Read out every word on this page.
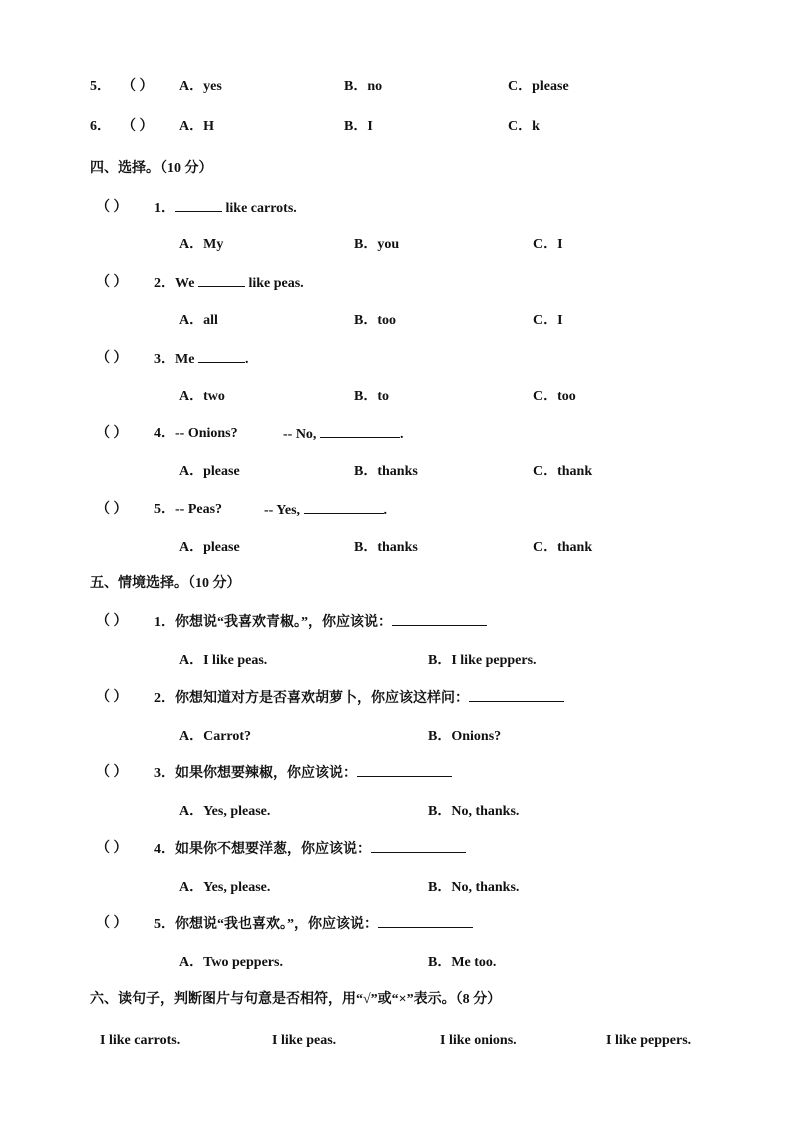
5． （ ） A．yes	B．no	C．please
6． （ ） A．H	B．I	C．k
四、选择。（10 分）
（ ） 1．	like carrots.
A．My	B．you	C．I
（ ） 2．We	like peas.
A．all	B．too	C．I
（ ） 3．Me	.
A．two	B．to	C．too
（ ） 4．-- Onions?	-- No,	.
A．please	B．thanks	C．thank
（ ） 5．-- Peas?	-- Yes,	.
A．please	B．thanks	C．thank
五、情境选择。（10 分）
（ ） 1．你想说“我喜欢青椒。”，你应该说：
A．I like peas.	B．I like peppers.
（ ） 2．你想知道对方是否喜欢胡萝卜，你应该这样问：
A．Carrot?	B．Onions?
（ ） 3．如果你想要辣椒，你应该说：
A．Yes, please.	B．No, thanks.
（ ） 4．如果你不想要洋葱，你应该说：
A．Yes, please.	B．No, thanks.
（ ） 5．你想说“我也喜欢。”，你应该说：
A．Two peppers.	B．Me too.
六、读句子，判断图片与句意是否相符，用“√”或“×”表示。（8 分）
I like carrots.	I like peas.	I like onions.	I like peppers.
